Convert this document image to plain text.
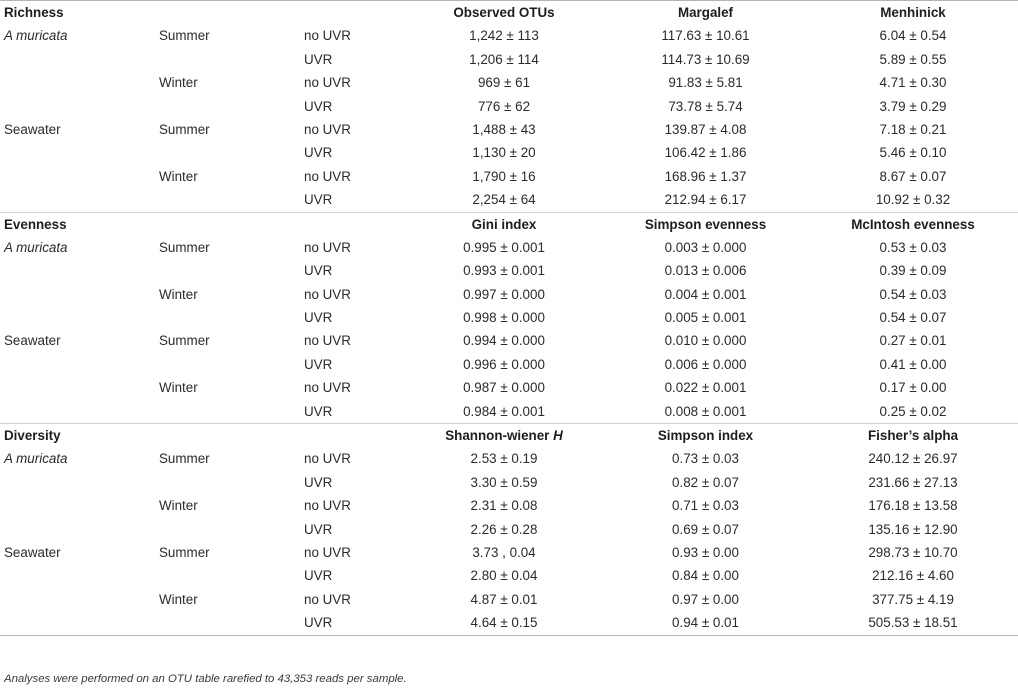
Richness			Observed OTUs	Margalef	Menhinick
A muricata	Summer	no UVR	1,242 ± 113	117.63 ± 10.61	6.04 ± 0.54
		UVR	1,206 ± 114	114.73 ± 10.69	5.89 ± 0.55
	Winter	no UVR	969 ± 61	91.83 ± 5.81	4.71 ± 0.30
		UVR	776 ± 62	73.78 ± 5.74	3.79 ± 0.29
Seawater	Summer	no UVR	1,488 ± 43	139.87 ± 4.08	7.18 ± 0.21
		UVR	1,130 ± 20	106.42 ± 1.86	5.46 ± 0.10
	Winter	no UVR	1,790 ± 16	168.96 ± 1.37	8.67 ± 0.07
		UVR	2,254 ± 64	212.94 ± 6.17	10.92 ± 0.32
Evenness			Gini index	Simpson evenness	McIntosh evenness
A muricata	Summer	no UVR	0.995 ± 0.001	0.003 ± 0.000	0.53 ± 0.03
		UVR	0.993 ± 0.001	0.013 ± 0.006	0.39 ± 0.09
	Winter	no UVR	0.997 ± 0.000	0.004 ± 0.001	0.54 ± 0.03
		UVR	0.998 ± 0.000	0.005 ± 0.001	0.54 ± 0.07
Seawater	Summer	no UVR	0.994 ± 0.000	0.010 ± 0.000	0.27 ± 0.01
		UVR	0.996 ± 0.000	0.006 ± 0.000	0.41 ± 0.00
	Winter	no UVR	0.987 ± 0.000	0.022 ± 0.001	0.17 ± 0.00
		UVR	0.984 ± 0.001	0.008 ± 0.001	0.25 ± 0.02
Diversity			Shannon-wiener H	Simpson index	Fisher’s alpha
A muricata	Summer	no UVR	2.53 ± 0.19	0.73 ± 0.03	240.12 ± 26.97
		UVR	3.30 ± 0.59	0.82 ± 0.07	231.66 ± 27.13
	Winter	no UVR	2.31 ± 0.08	0.71 ± 0.03	176.18 ± 13.58
		UVR	2.26 ± 0.28	0.69 ± 0.07	135.16 ± 12.90
Seawater	Summer	no UVR	3.73 , 0.04	0.93 ± 0.00	298.73 ± 10.70
		UVR	2.80 ± 0.04	0.84 ± 0.00	212.16 ± 4.60
	Winter	no UVR	4.87 ± 0.01	0.97 ± 0.00	377.75 ± 4.19
		UVR	4.64 ± 0.15	0.94 ± 0.01	505.53 ± 18.51
Analyses were performed on an OTU table rarefied to 43,353 reads per sample.
